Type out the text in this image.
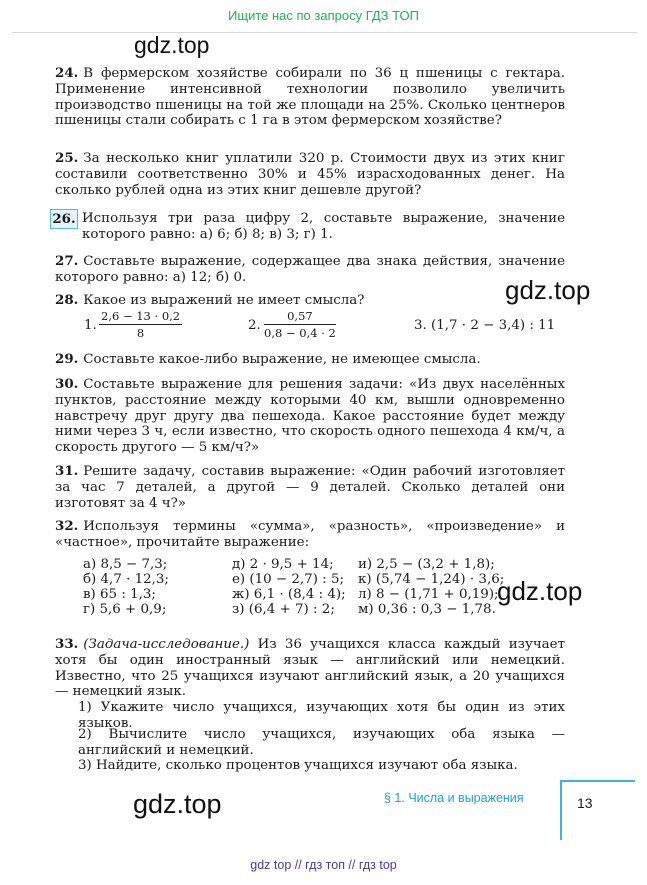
Ищите нас по запросу ГДЗ ТОП
gdz.top
gdz.top
gdz.top
gdz.top
24. В фермерском хозяйстве собирали по 36 ц пшеницы с гектара. Применение интенсивной технологии позволило увеличить производство пшеницы на той же площади на 25%. Сколько центнеров пшеницы стали собирать с 1 га в этом фермерском хозяйстве?
25. За несколько книг уплатили 320 р. Стоимости двух из этих книг составили соответственно 30% и 45% израсходованных денег. На сколько рублей одна из этих книг дешевле другой?
26. Используя три раза цифру 2, составьте выражение, значение которого равно: а) 6; б) 8; в) 3; г) 1.
27. Составьте выражение, содержащее два знака действия, значение которого равно: а) 12; б) 0.
28. Какое из выражений не имеет смысла?
1. $\frac{2,6 - 13 \cdot 0,2}{8}$	2. $\frac{0,57}{0,8 - 0,4 \cdot 2}$	3. (1,7 · 2 − 3,4) : 11
29. Составьте какое-либо выражение, не имеющее смысла.
30. Составьте выражение для решения задачи: «Из двух населённых пунктов, расстояние между которыми 40 км, вышли одновременно навстречу друг другу два пешехода. Какое расстояние будет между ними через 3 ч, если известно, что скорость одного пешехода 4 км/ч, а скорость другого — 5 км/ч?»
31. Решите задачу, составив выражение: «Один рабочий изготовляет за час 7 деталей, а другой — 9 деталей. Сколько деталей они изготовят за 4 ч?»
32. Используя термины «сумма», «разность», «произведение» и «частное», прочитайте выражение:
а) 8,5 − 7,3;	д) 2 · 9,5 + 14; и) 2,5 − (3,2 + 1,8);
б) 4,7 · 12,3;	е) (10 − 2,7) : 5; к) (5,74 − 1,24) · 3,6;
в) 65 : 1,3;	ж) 6,1 · (8,4 : 4); л) 8 − (1,71 + 0,19);
г) 5,6 + 0,9;	з) (6,4 + 7) : 2; м) 0,36 : 0,3 − 1,78.
33. (Задача-исследование.) Из 36 учащихся класса каждый изучает хотя бы один иностранный язык — английский или немецкий. Известно, что 25 учащихся изучают английский язык, а 20 учащихся — немецкий язык.
1) Укажите число учащихся, изучающих хотя бы один из этих языков.
2) Вычислите число учащихся, изучающих оба языка — английский и немецкий.
3) Найдите, сколько процентов учащихся изучают оба языка.
§ 1. Числа и выражения	13
gdz top // гдз топ // гдз top
